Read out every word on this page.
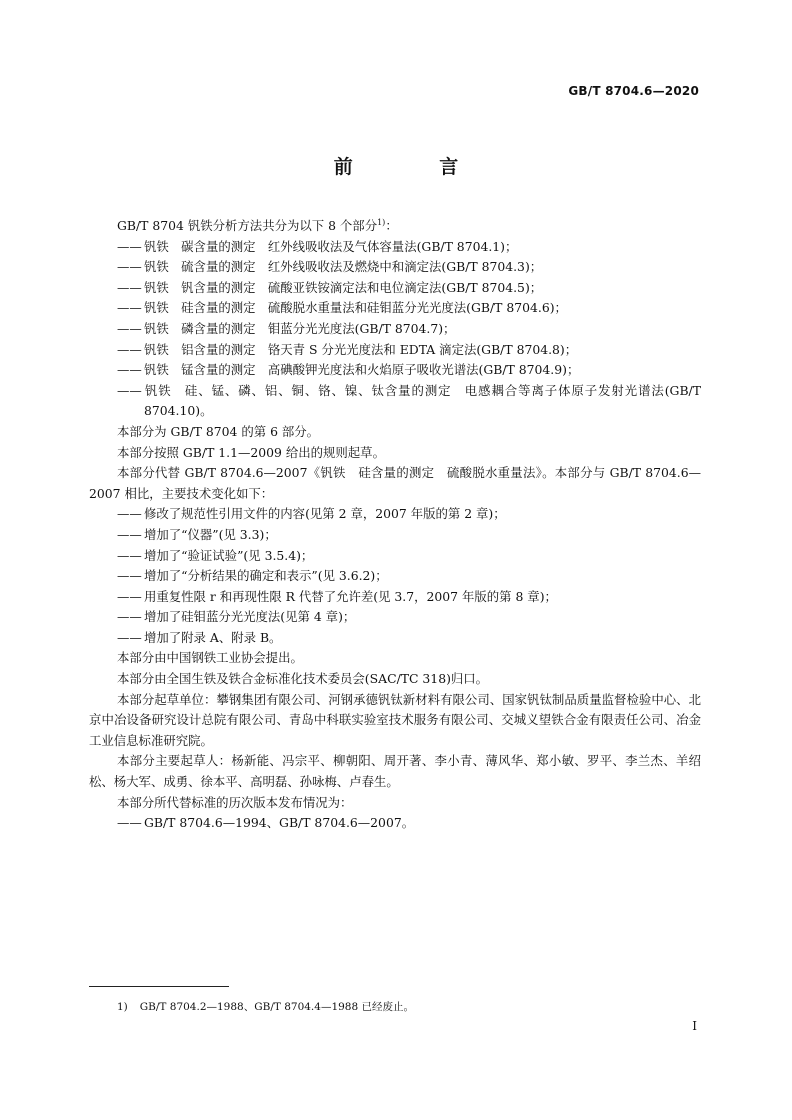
GB/T 8704.6—2020
前 言
GB/T 8704 钒铁分析方法共分为以下 8 个部分$^{1)}$：
—— 钒铁　碳含量的测定　红外线吸收法及气体容量法(GB/T 8704.1)；
—— 钒铁　硫含量的测定　红外线吸收法及燃烧中和滴定法(GB/T 8704.3)；
—— 钒铁　钒含量的测定　硫酸亚铁铵滴定法和电位滴定法(GB/T 8704.5)；
—— 钒铁　硅含量的测定　硫酸脱水重量法和硅钼蓝分光光度法(GB/T 8704.6)；
—— 钒铁　磷含量的测定　钼蓝分光光度法(GB/T 8704.7)；
—— 钒铁　铝含量的测定　铬天青 S 分光光度法和 EDTA 滴定法(GB/T 8704.8)；
—— 钒铁　锰含量的测定　高碘酸钾光度法和火焰原子吸收光谱法(GB/T 8704.9)；
—— 钒铁　硅、锰、磷、铝、铜、铬、镍、钛含量的测定　电感耦合等离子体原子发射光谱法(GB/T 8704.10)。
本部分为 GB/T 8704 的第 6 部分。
本部分按照 GB/T 1.1—2009 给出的规则起草。
本部分代替 GB/T 8704.6—2007《钒铁　硅含量的测定　硫酸脱水重量法》。本部分与 GB/T 8704.6—2007 相比，主要技术变化如下：
—— 修改了规范性引用文件的内容(见第 2 章，2007 年版的第 2 章)；
—— 增加了“仪器”(见 3.3)；
—— 增加了“验证试验”(见 3.5.4)；
—— 增加了“分析结果的确定和表示”(见 3.6.2)；
—— 用重复性限 r 和再现性限 R 代替了允许差(见 3.7，2007 年版的第 8 章)；
—— 增加了硅钼蓝分光光度法(见第 4 章)；
—— 增加了附录 A、附录 B。
本部分由中国钢铁工业协会提出。
本部分由全国生铁及铁合金标准化技术委员会(SAC/TC 318)归口。
本部分起草单位：攀钢集团有限公司、河钢承德钒钛新材料有限公司、国家钒钛制品质量监督检验中心、北京中冶设备研究设计总院有限公司、青岛中科联实验室技术服务有限公司、交城义望铁合金有限责任公司、冶金工业信息标准研究院。
本部分主要起草人：杨新能、冯宗平、柳朝阳、周开著、李小青、薄风华、郑小敏、罗平、李兰杰、羊绍松、杨大军、成勇、徐本平、高明磊、孙咏梅、卢春生。
本部分所代替标准的历次版本发布情况为：
—— GB/T 8704.6—1994、GB/T 8704.6—2007。
1) GB/T 8704.2—1988、GB/T 8704.4—1988 已经废止。
I
